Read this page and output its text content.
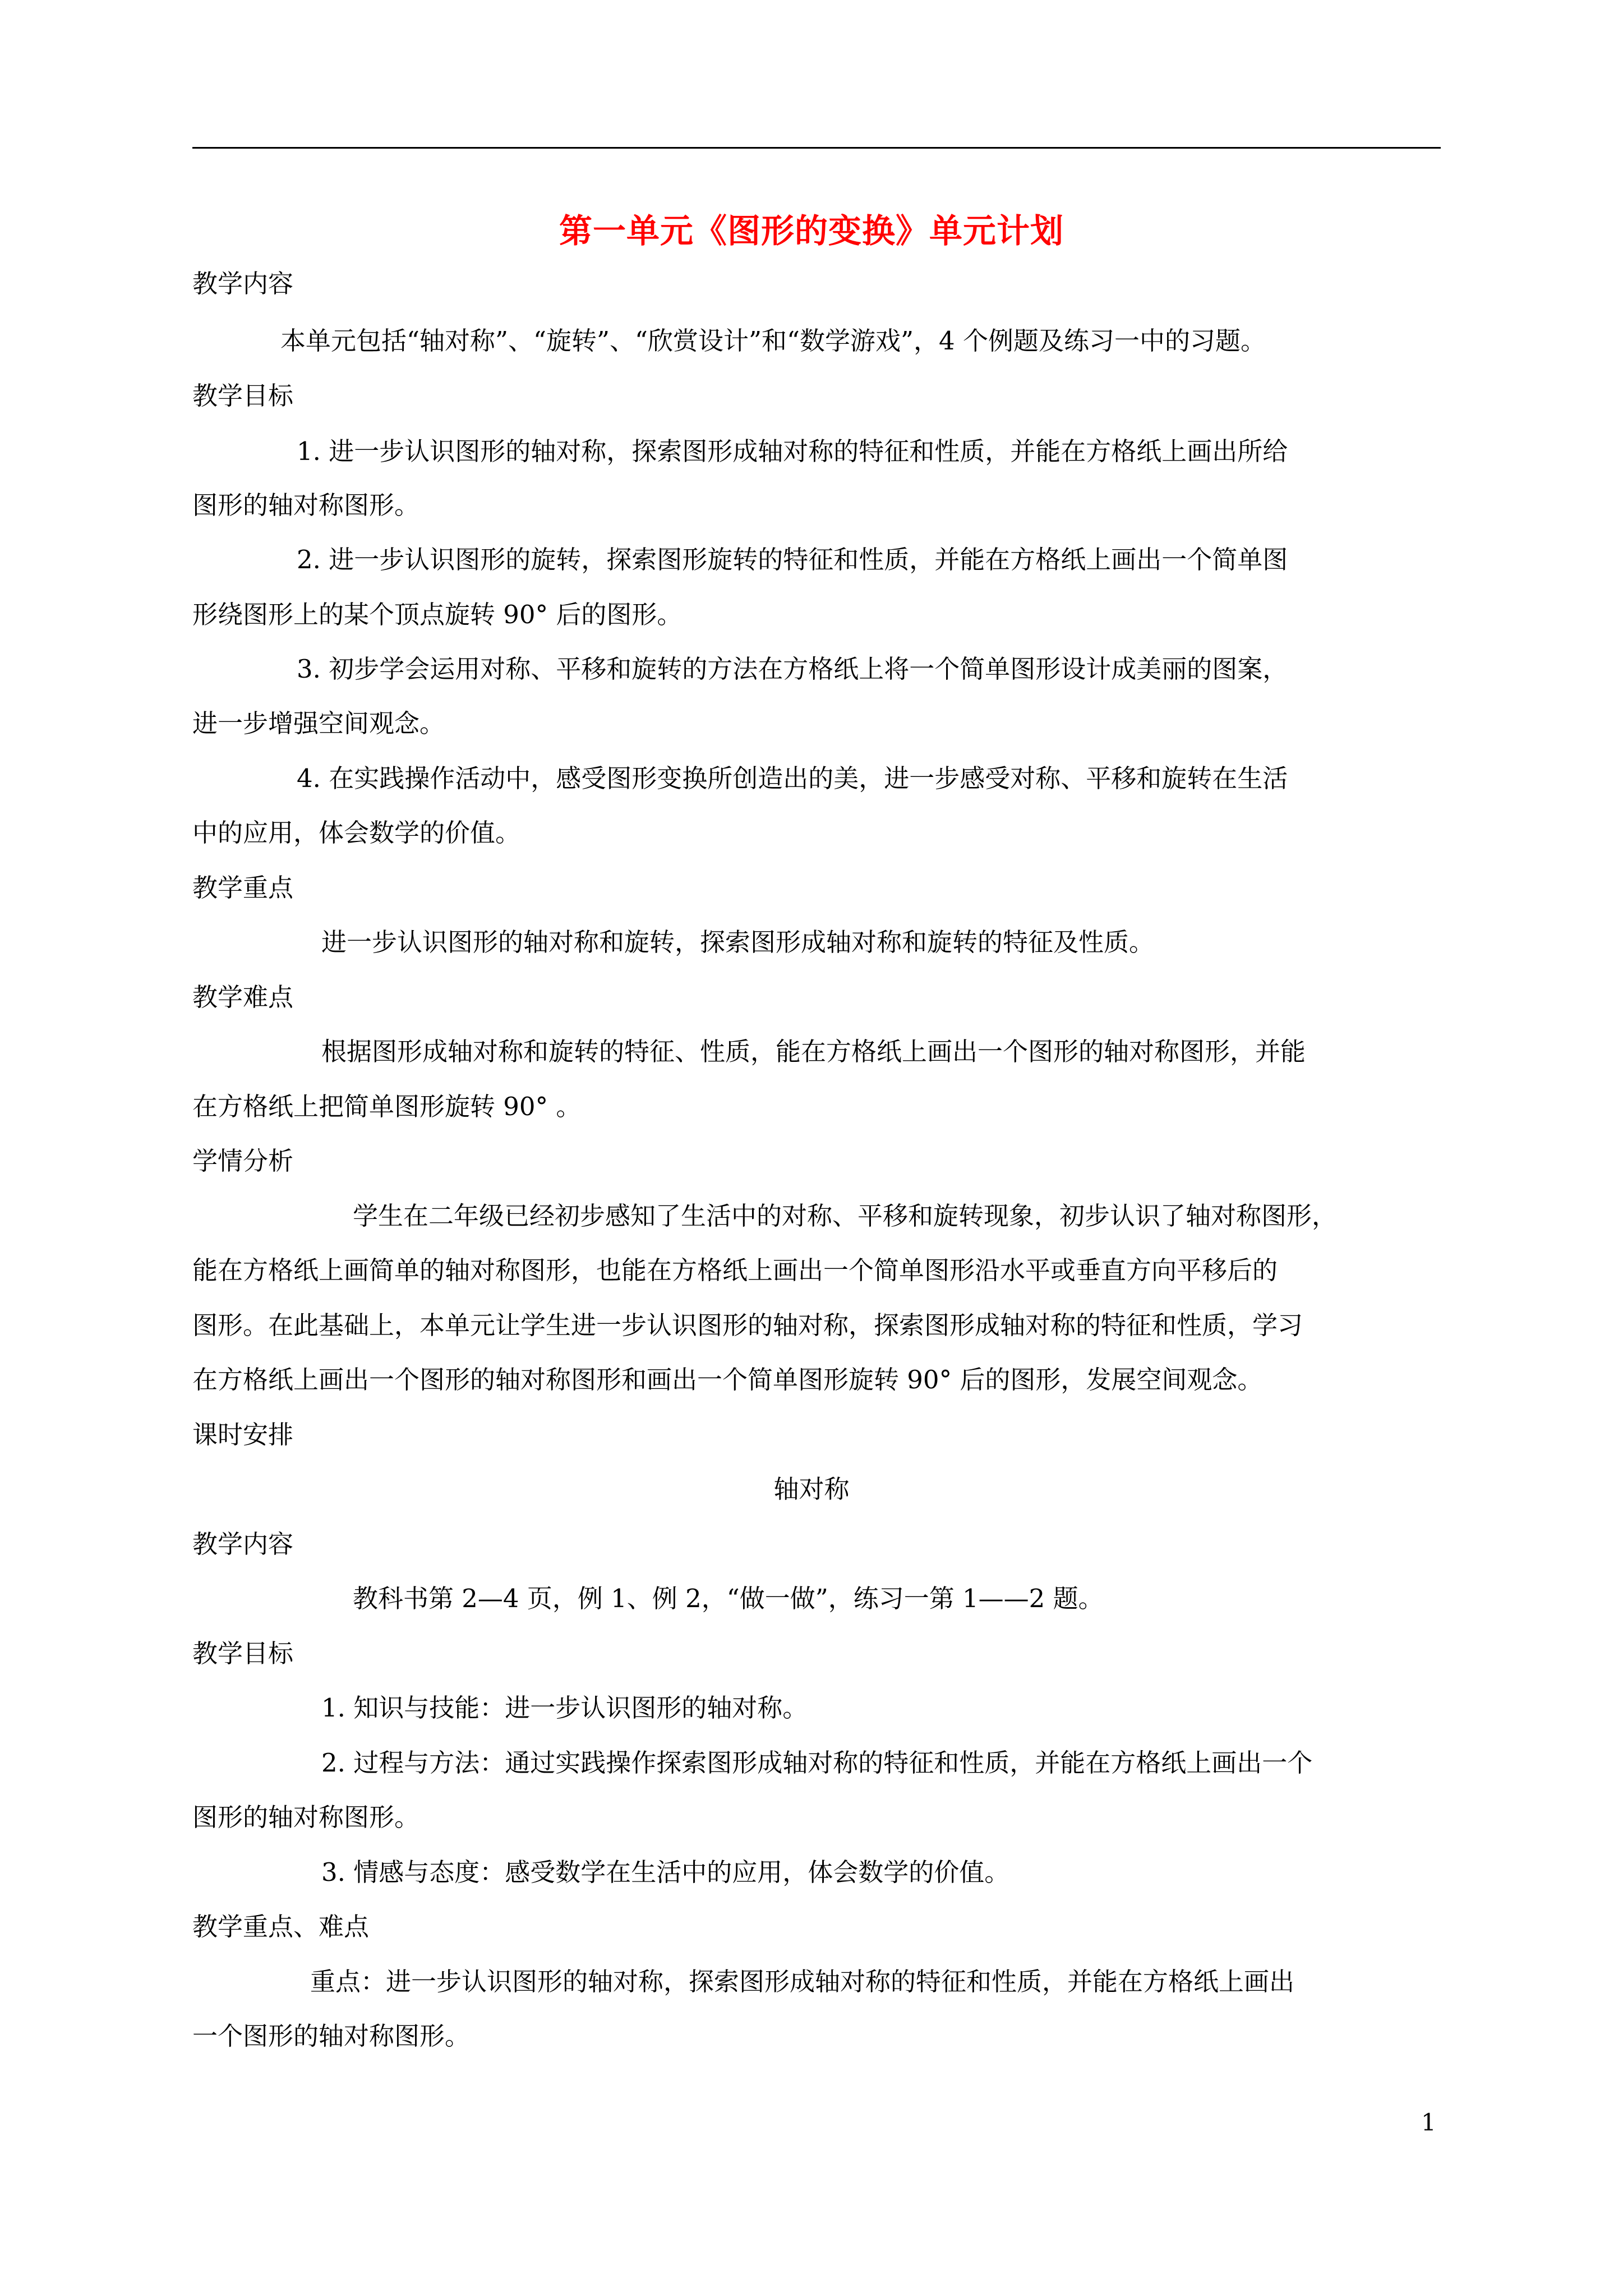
第一单元《图形的变换》单元计划
教学内容
本单元包括“轴对称”、“旋转”、“欣赏设计”和“数学游戏”，4 个例题及练习一中的习题。
教学目标
1. 进一步认识图形的轴对称，探索图形成轴对称的特征和性质，并能在方格纸上画出所给
图形的轴对称图形。
2. 进一步认识图形的旋转，探索图形旋转的特征和性质，并能在方格纸上画出一个简单图
形绕图形上的某个顶点旋转 90° 后的图形。
3. 初步学会运用对称、平移和旋转的方法在方格纸上将一个简单图形设计成美丽的图案，
进一步增强空间观念。
4. 在实践操作活动中，感受图形变换所创造出的美，进一步感受对称、平移和旋转在生活
中的应用，体会数学的价值。
教学重点
进一步认识图形的轴对称和旋转，探索图形成轴对称和旋转的特征及性质。
教学难点
根据图形成轴对称和旋转的特征、性质，能在方格纸上画出一个图形的轴对称图形，并能
在方格纸上把简单图形旋转 90° 。
学情分析
学生在二年级已经初步感知了生活中的对称、平移和旋转现象，初步认识了轴对称图形，
能在方格纸上画简单的轴对称图形，也能在方格纸上画出一个简单图形沿水平或垂直方向平移后的
图形。在此基础上，本单元让学生进一步认识图形的轴对称，探索图形成轴对称的特征和性质，学习
在方格纸上画出一个图形的轴对称图形和画出一个简单图形旋转 90° 后的图形，发展空间观念。
课时安排
轴对称
教学内容
教科书第 2—4 页，例 1、例 2，“做一做”，练习一第 1——2 题。
教学目标
1. 知识与技能：进一步认识图形的轴对称。
2. 过程与方法：通过实践操作探索图形成轴对称的特征和性质，并能在方格纸上画出一个
图形的轴对称图形。
3. 情感与态度：感受数学在生活中的应用，体会数学的价值。
教学重点、难点
重点：进一步认识图形的轴对称，探索图形成轴对称的特征和性质，并能在方格纸上画出
一个图形的轴对称图形。
1
